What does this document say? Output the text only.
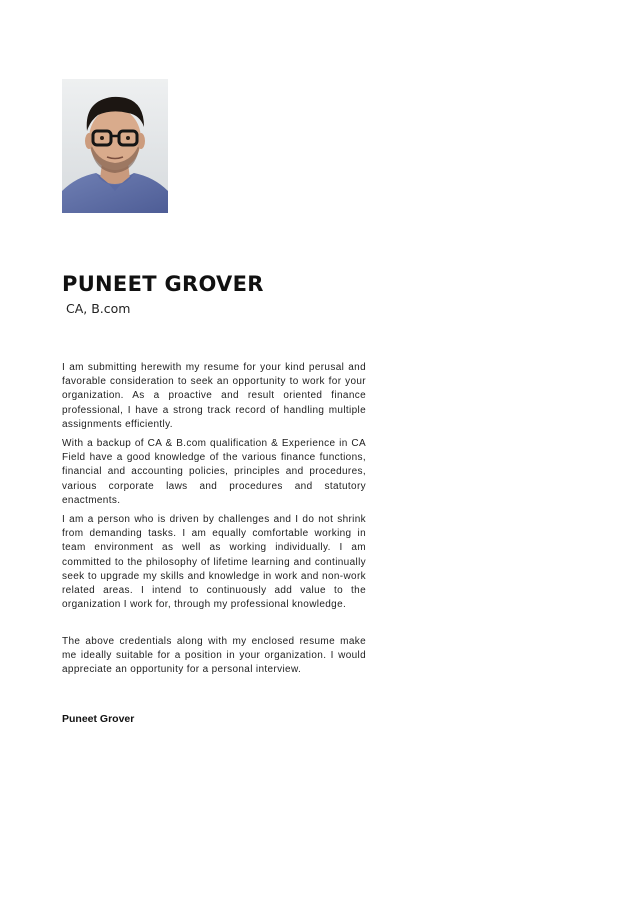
PUNEET GROVER

CA, B.com

I am submitting herewith my resume for your kind perusal and favorable consideration to seek an opportunity to work for your organization. As a proactive and result oriented finance professional, I have a strong track record of handling multiple assignments efficiently.

With a backup of CA & B.com qualification & Experience in CA Field have a good knowledge of the various finance functions, financial and accounting policies, principles and procedures, various corporate laws and procedures and statutory enactments.

I am a person who is driven by challenges and I do not shrink from demanding tasks. I am equally comfortable working in team environment as well as working individually. I am committed to the philosophy of lifetime learning and continually seek to upgrade my skills and knowledge in work and non-work related areas. I intend to continuously add value to the organization I work for, through my professional knowledge.

The above credentials along with my enclosed resume make me ideally suitable for a position in your organization. I would appreciate an opportunity for a personal interview.

Puneet Grover
